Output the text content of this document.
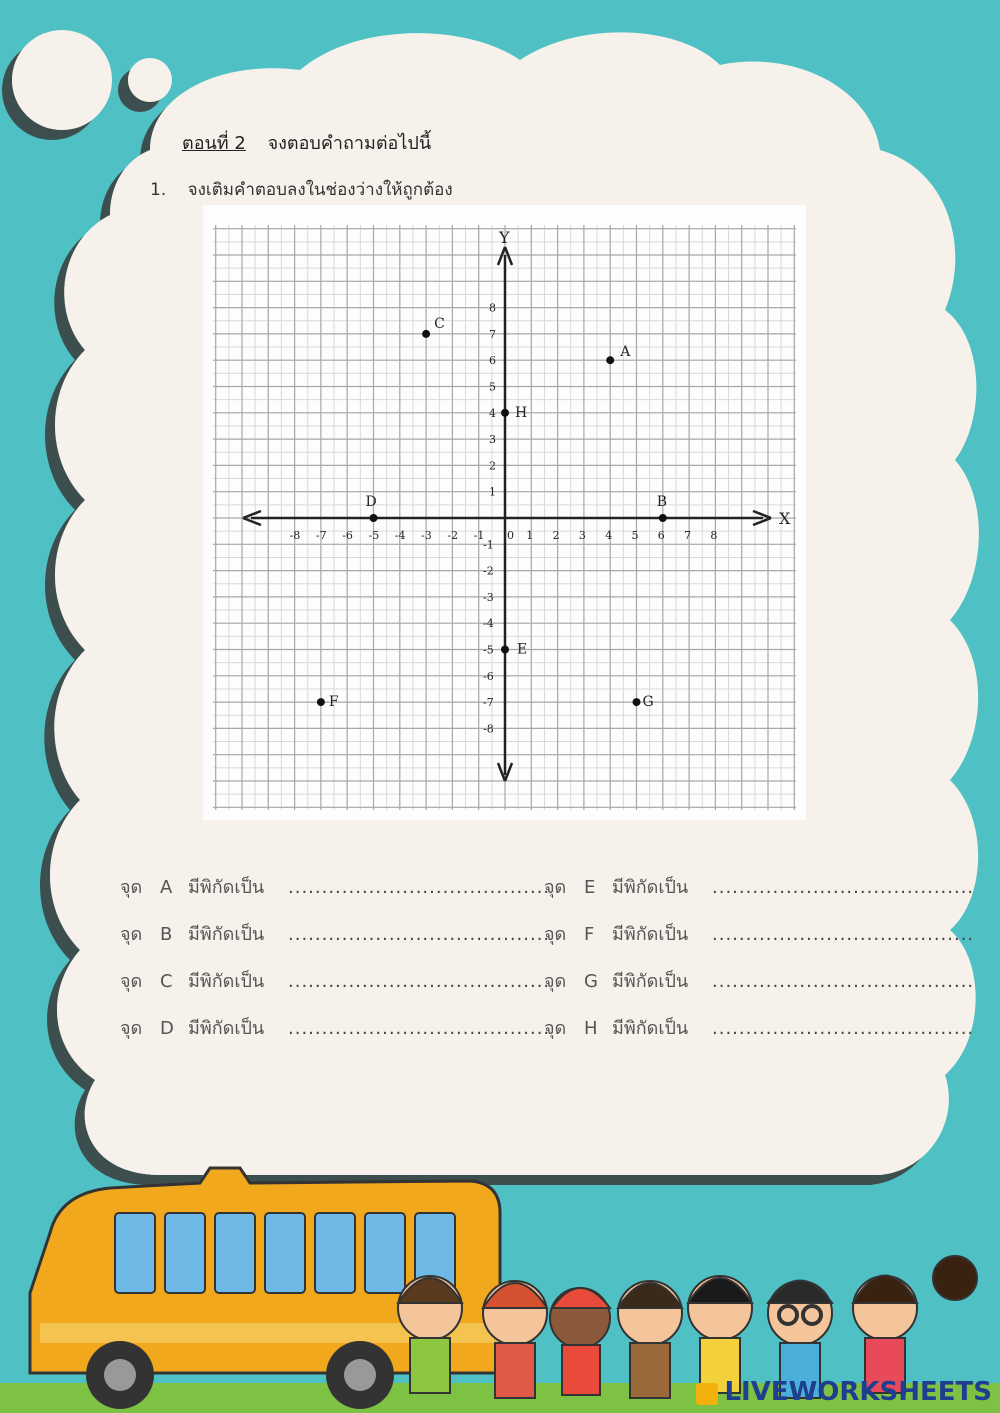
ตอนที่ 2 จงตอบคำถามต่อไปนี้
1. จงเติมคำตอบลงในช่องว่างให้ถูกต้อง
X
Y
-8 -7 -6 -5 -4 -3 -2 -1 0 1 2 3 4 5 6 7 8
8
7
6
5
4
3
2
1
-1
-2
-3
-4
-5
-6
-7
-8
A
B
C
D
E
F	G
H
จุด A มีพิกัดเป็น .......................................
จุด B มีพิกัดเป็น .......................................
จุด C มีพิกัดเป็น .......................................
จุด D มีพิกัดเป็น .......................................
จุด E มีพิกัดเป็น .......................................
จุด F มีพิกัดเป็น .......................................
จุด G มีพิกัดเป็น .......................................
จุด H มีพิกัดเป็น .......................................
LIVEWORKSHEETS
